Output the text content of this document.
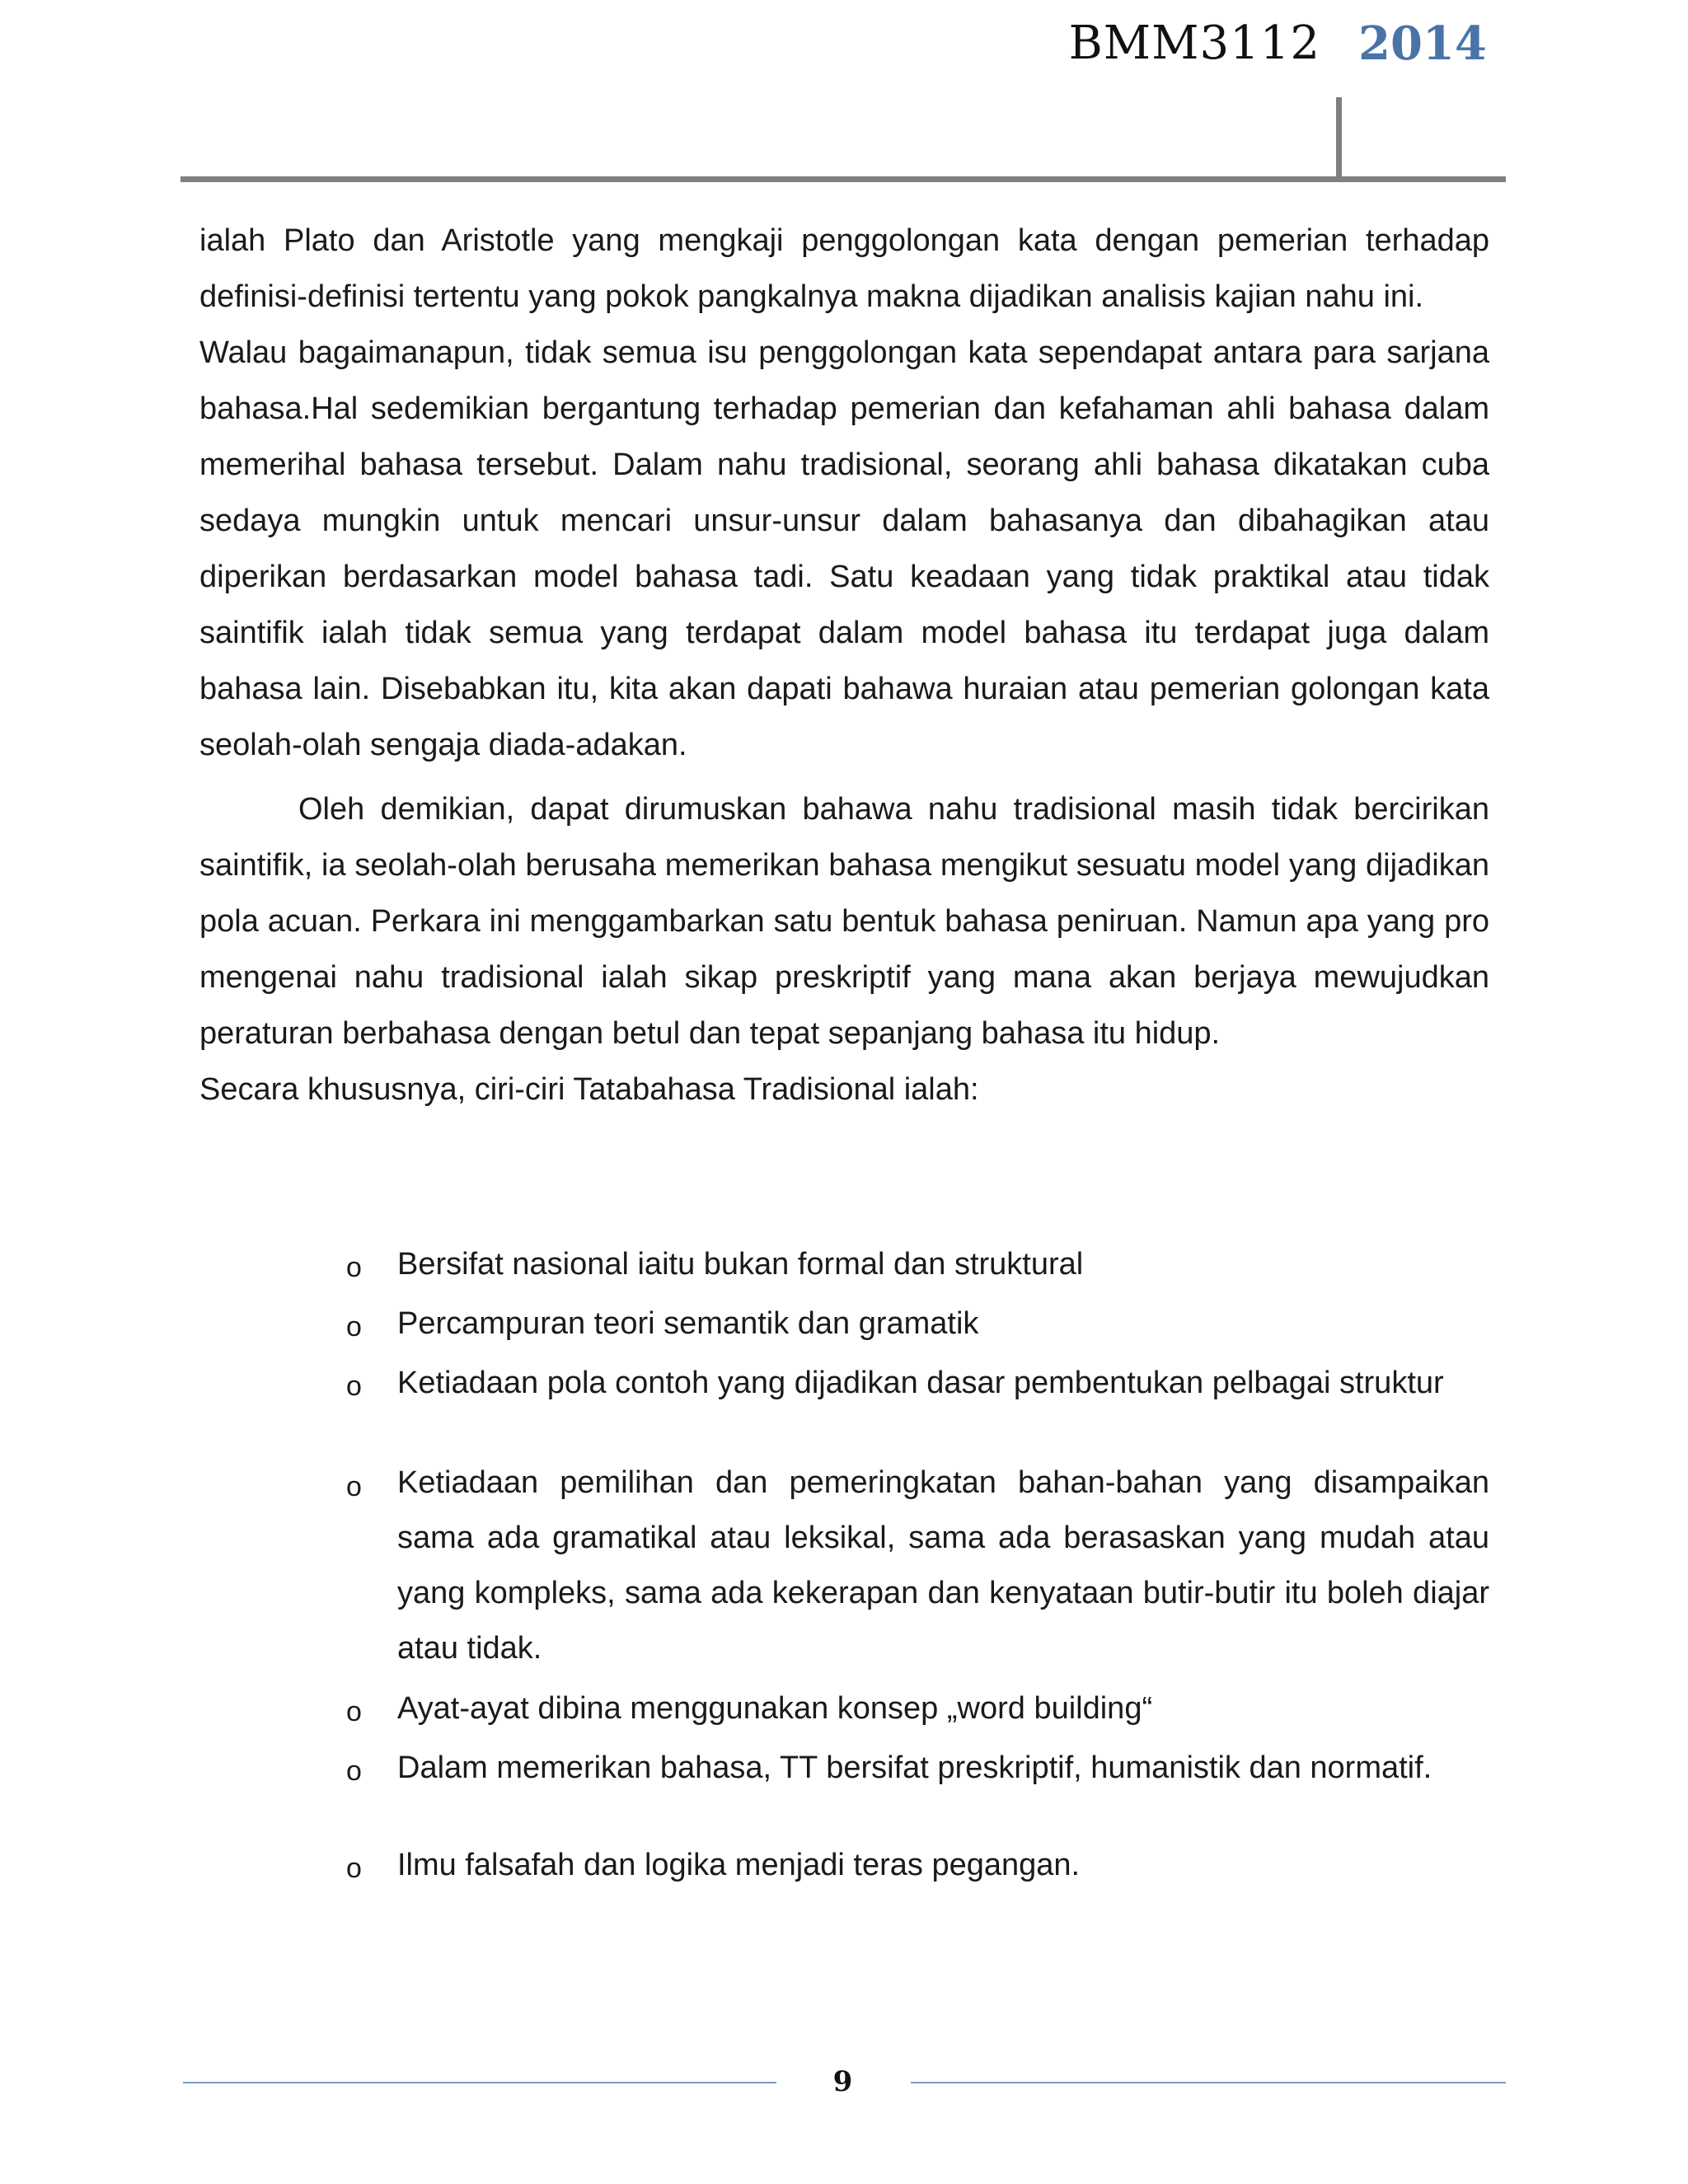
BMM3112 2014

ialah Plato dan Aristotle yang mengkaji penggolongan kata dengan pemerian terhadap definisi-definisi tertentu yang pokok pangkalnya makna dijadikan analisis kajian nahu ini.

Walau bagaimanapun, tidak semua isu penggolongan kata sependapat antara para sarjana bahasa.Hal sedemikian bergantung terhadap pemerian dan kefahaman ahli bahasa dalam memerihal bahasa tersebut. Dalam nahu tradisional, seorang ahli bahasa dikatakan cuba sedaya mungkin untuk mencari unsur-unsur dalam bahasanya dan dibahagikan atau diperikan berdasarkan model bahasa tadi. Satu keadaan yang tidak praktikal atau tidak saintifik ialah tidak semua yang terdapat dalam model bahasa itu terdapat juga dalam bahasa lain. Disebabkan itu, kita akan dapati bahawa huraian atau pemerian golongan kata seolah-olah sengaja diada-adakan.

Oleh demikian, dapat dirumuskan bahawa nahu tradisional masih tidak bercirikan saintifik, ia seolah-olah berusaha memerikan bahasa mengikut sesuatu model yang dijadikan pola acuan. Perkara ini menggambarkan satu bentuk bahasa peniruan. Namun apa yang pro mengenai nahu tradisional ialah sikap preskriptif yang mana akan berjaya mewujudkan peraturan berbahasa dengan betul dan tepat sepanjang bahasa itu hidup.

Secara khususnya, ciri-ciri Tatabahasa Tradisional ialah:

o Bersifat nasional iaitu bukan formal dan struktural
o Percampuran teori semantik dan gramatik
o Ketiadaan pola contoh yang dijadikan dasar pembentukan pelbagai struktur
o Ketiadaan pemilihan dan pemeringkatan bahan-bahan yang disampaikan sama ada gramatikal atau leksikal, sama ada berasaskan yang mudah atau yang kompleks, sama ada kekerapan dan kenyataan butir-butir itu boleh diajar atau tidak.
o Ayat-ayat dibina menggunakan konsep „word building“
o Dalam memerikan bahasa, TT bersifat preskriptif, humanistik dan normatif.
o Ilmu falsafah dan logika menjadi teras pegangan.
9
